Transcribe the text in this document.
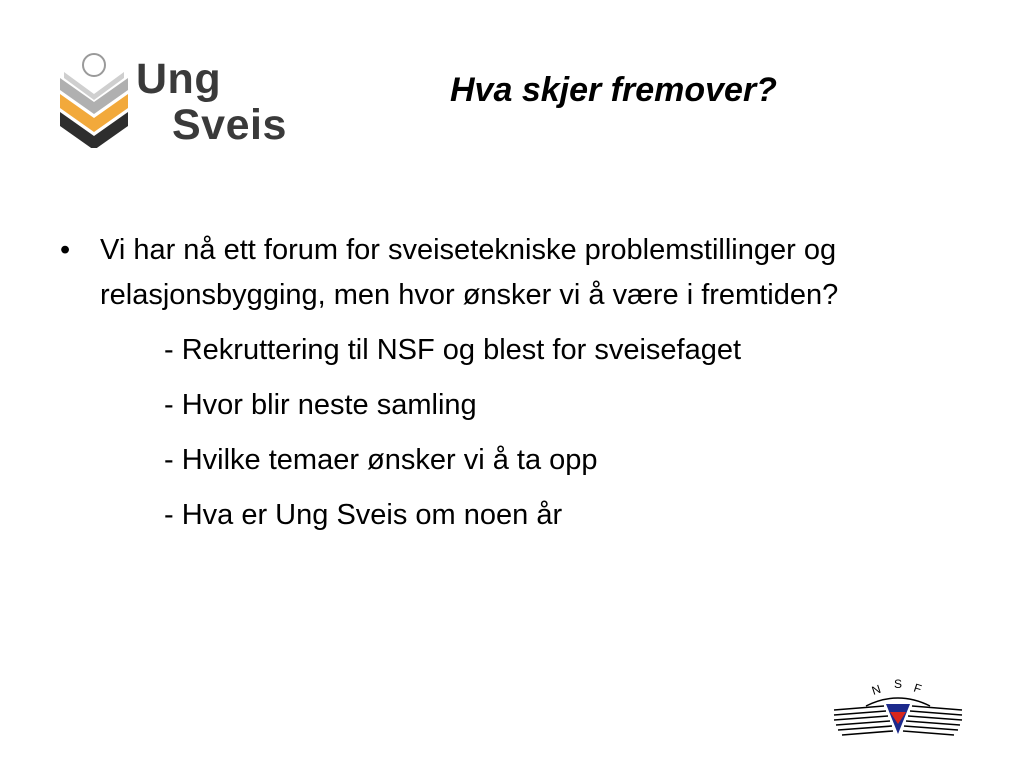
Ung
Sveis
Hva skjer fremover?
•	Vi har nå ett forum for sveisetekniske problemstillinger og relasjonsbygging, men hvor ønsker vi å være i fremtiden?
- Rekruttering til NSF og blest for sveisefaget
- Hvor blir neste samling
- Hvilke temaer ønsker vi å ta opp
- Hva er Ung Sveis om noen år
N S F
